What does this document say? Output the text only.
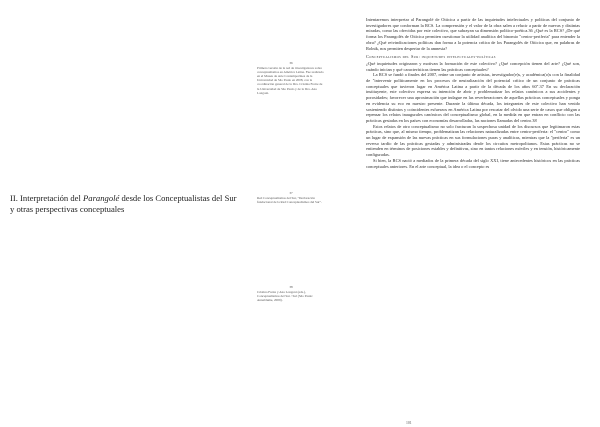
II. Interpretación del Parangolé desde los Conceptualistas del Sur y otras perspectivas conceptuales
36
Primera versión de la red de investigadores sobre conceptualismos en América Latina. Fue realizado en el Museu de Arte Contemporânea de la Universidad de São Paulo en 2008, con la coordinación general de la Dra. Cristina Freire de la Universidad de São Paulo y de la Dra. Ana Longoni.
37
Red Conceptualismos del Sur, "Declaración fundacional de la Red Conceptualismos del Sur".
38
Cristina Freire y Ana Longoni (eds.), Conceptualismos del Sur / Sul (São Paulo: Annablume, 2009).

Intentaremos interpretar al Parangolé de Oiticica a partir de las inquietudes intelectuales y políticas del conjunto de investigadores que conforman la RCS. La comprensión y el valor de la obra salen a relucir a partir de nuevas y distintas miradas, como las ofrecidas por este colectivo, que subrayan su dimensión político-poética.36 ¿Qué es la RCS? ¿De qué forma los Parangolés de Oiticica permiten cuestionar la utilidad analítica del binomio "centro-periferia" para entender la obra? ¿Qué reivindicaciones políticas dan forma a la potencia crítica de los Parangolés de Oiticica que, en palabras de Rolnik, nos permiten despertar de la amnesia?

Conceptualismos del Sur: inquietudes intelectuales-políticas

¿Qué inquietudes originaron y motivan la formación de este colectivo? ¿Qué concepción tienen del arte? ¿Qué son, cuándo inician y qué características tienen las prácticas conceptuales?

La RCS se fundó a finales del 2007, reúne un conjunto de artistas, investigador(e)s, y académica(o)s con la finalidad de "intervenir políticamente en los procesos de neutralización del potencial crítico de un conjunto de prácticas conceptuales que tuvieron lugar en América Latina a partir de la década de los años 60".37 En su declaración instituyente, este colectivo expresa su intención de abrir y problematizar los relatos canónicos a sus accidentes y porosidades; favorecer una aproximación que indague en las reverberaciones de aquellas prácticas conceptuales y ponga en evidencia su eco en nuestro presente. Durante la última década, los integrantes de este colectivo han venido sosteniendo distintos y coincidentes esfuerzos en América Latina por rescatar del olvido una serie de casos que obligan a repensar los relatos inaugurales canónicos del conceptualismo global, en la medida en que entran en conflicto con las prácticas gestadas en los países con economías desarrolladas, las naciones llamadas del centro.38

Estos relatos de otro conceptualismo no solo fracturan la sospechosa unidad de los discursos que legitimaron estas prácticas, sino que, al mismo tiempo, problematizan las relaciones naturalizadas entre centro-periferia: el "centro" como un lugar de expansión de las nuevas prácticas en sus formulaciones puras y analíticas, mientras que la "periferia" es un reverso tardío de las prácticas gestadas y administradas desde los circuitos metropolitanos. Estas prácticas no se entienden en términos de posiciones estables y definitivas, sino en tantos relaciones móviles y en tensión, históricamente configuradas.

Si bien, la RCS nació a mediados de la primera década del siglo XXI, tiene antecedentes históricos en las prácticas conceptuales anteriores. En el arte conceptual, la idea o el concepto es

101
